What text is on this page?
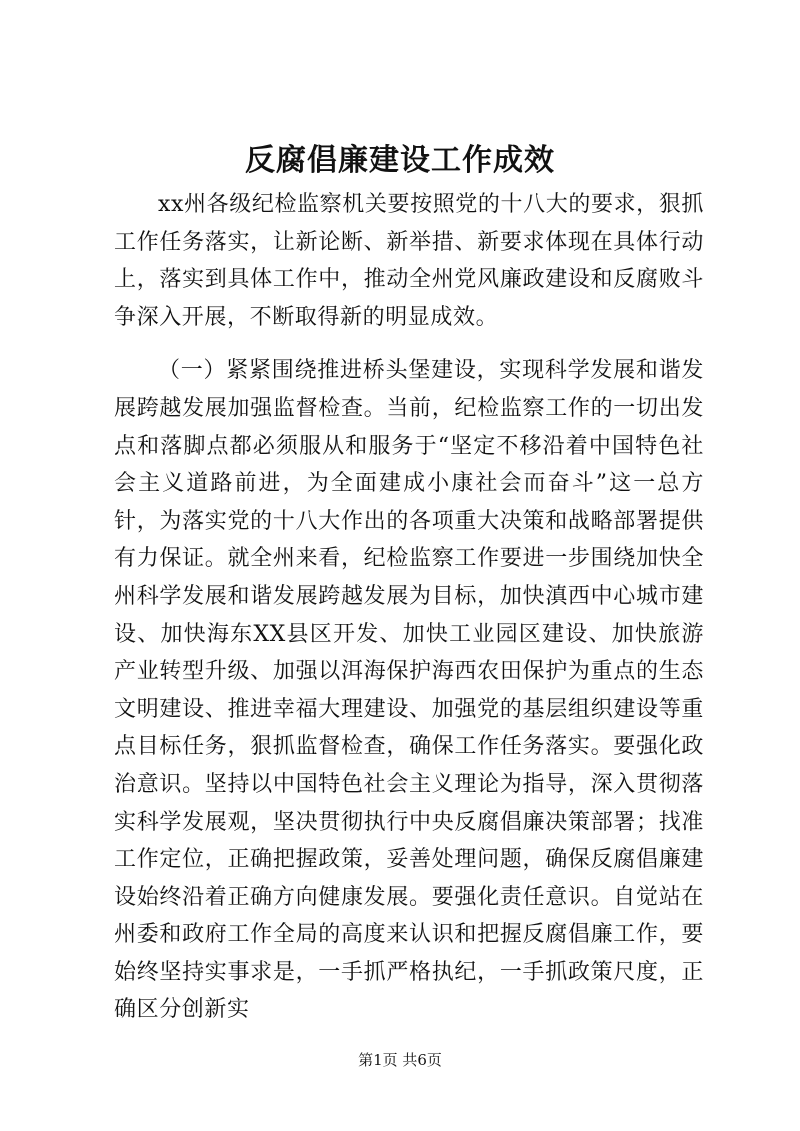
反腐倡廉建设工作成效

xx州各级纪检监察机关要按照党的十八大的要求，狠抓工作任务落实，让新论断、新举措、新要求体现在具体行动上，落实到具体工作中，推动全州党风廉政建设和反腐败斗争深入开展，不断取得新的明显成效。

（一）紧紧围绕推进桥头堡建设，实现科学发展和谐发展跨越发展加强监督检查。当前，纪检监察工作的一切出发点和落脚点都必须服从和服务于“坚定不移沿着中国特色社会主义道路前进，为全面建成小康社会而奋斗”这一总方针，为落实党的十八大作出的各项重大决策和战略部署提供有力保证。就全州来看，纪检监察工作要进一步围绕加快全州科学发展和谐发展跨越发展为目标，加快滇西中心城市建设、加快海东XX县区开发、加快工业园区建设、加快旅游产业转型升级、加强以洱海保护海西农田保护为重点的生态文明建设、推进幸福大理建设、加强党的基层组织建设等重点目标任务，狠抓监督检查，确保工作任务落实。要强化政治意识。坚持以中国特色社会主义理论为指导，深入贯彻落实科学发展观，坚决贯彻执行中央反腐倡廉决策部署；找准工作定位，正确把握政策，妥善处理问题，确保反腐倡廉建设始终沿着正确方向健康发展。要强化责任意识。自觉站在州委和政府工作全局的高度来认识和把握反腐倡廉工作，要始终坚持实事求是，一手抓严格执纪，一手抓政策尺度，正确区分创新实

第1页 共6页
